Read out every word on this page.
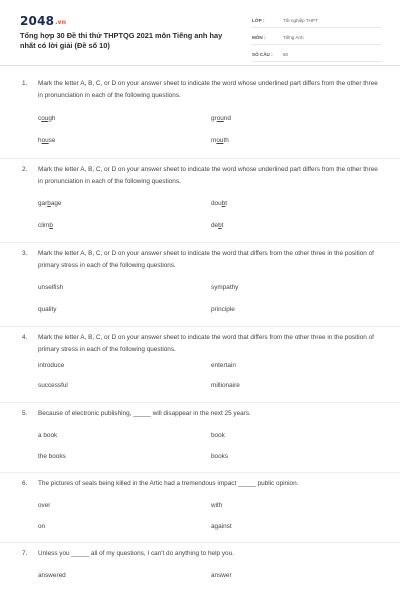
2048.vn
Tổng hợp 30 Đề thi thử THPTQG 2021 môn Tiếng anh hay nhất có lời giải (Đề số 10)
LỚP :	Tốt nghiệp THPT
MÔN :	Tiếng Anh
SỐ CÂU :	50
1. Mark the letter A, B, C, or D on your answer sheet to indicate the word whose underlined part differs from the other three in pronunciation in each of the following questions.
cough	ground
house	mouth
2. Mark the letter A, B, C, or D on your answer sheet to indicate the word whose underlined part differs from the other three in pronunciation in each of the following questions.
garbage	doubt
climb	debt
3. Mark the letter A, B, C, or D on your answer sheet to indicate the word that differs from the other three in the position of primary stress in each of the following questions.
unselfish	sympathy
quality	principle
4. Mark the letter A, B, C, or D on your answer sheet to indicate the word that differs from the other three in the position of primary stress in each of the following questions.
introduce	entertain
successful	millionaire
5. Because of electronic publishing, _____ will disappear in the next 25 years.
a book	book
the books	books
6. The pictures of seals being killed in the Artic had a tremendous impact _____ public opinion.
over	with
on	against
7. Unless you _____ all of my questions, I can't do anything to help you.
answered	answer
